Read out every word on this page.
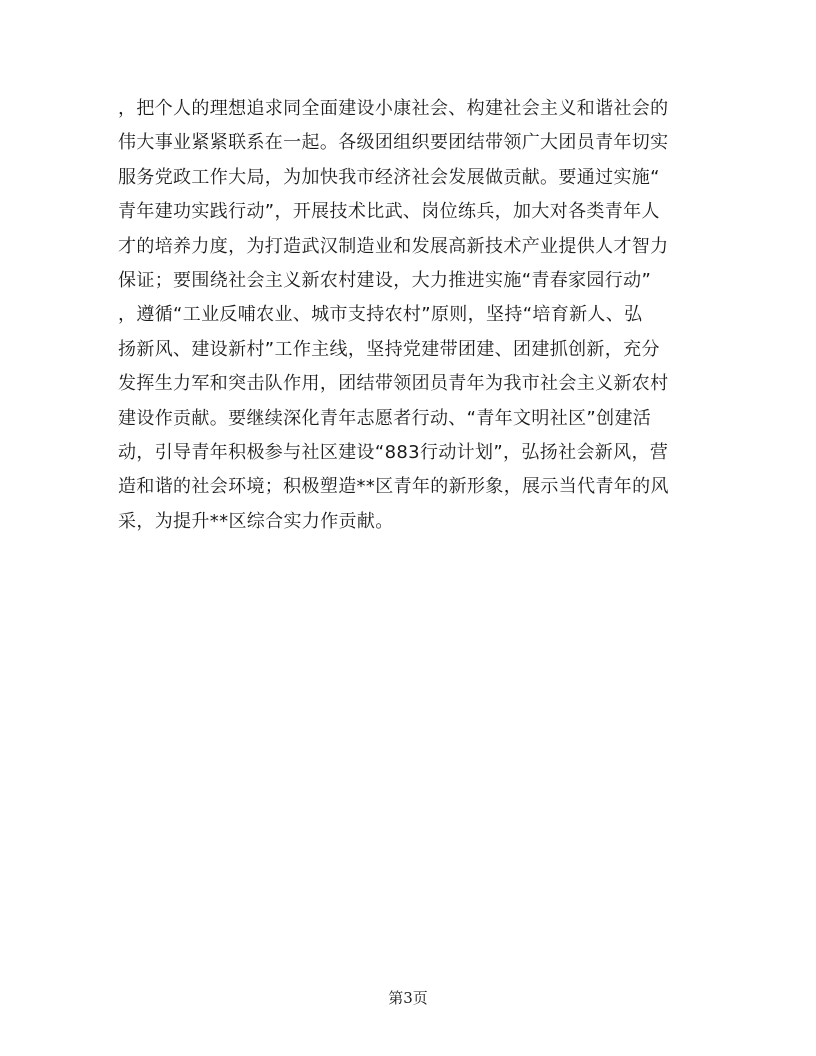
，把个人的理想追求同全面建设小康社会、构建社会主义和谐社会的
伟大事业紧紧联系在一起。各级团组织要团结带领广大团员青年切实
服务党政工作大局，为加快我市经济社会发展做贡献。要通过实施“
青年建功实践行动”，开展技术比武、岗位练兵，加大对各类青年人
才的培养力度，为打造武汉制造业和发展高新技术产业提供人才智力
保证；要围绕社会主义新农村建设，大力推进实施“青春家园行动”
，遵循“工业反哺农业、城市支持农村”原则，坚持“培育新人、弘
扬新风、建设新村”工作主线，坚持党建带团建、团建抓创新，充分
发挥生力军和突击队作用，团结带领团员青年为我市社会主义新农村
建设作贡献。要继续深化青年志愿者行动、“青年文明社区”创建活
动，引导青年积极参与社区建设“883行动计划”，弘扬社会新风，营
造和谐的社会环境；积极塑造**区青年的新形象，展示当代青年的风
采，为提升**区综合实力作贡献。
第3页
